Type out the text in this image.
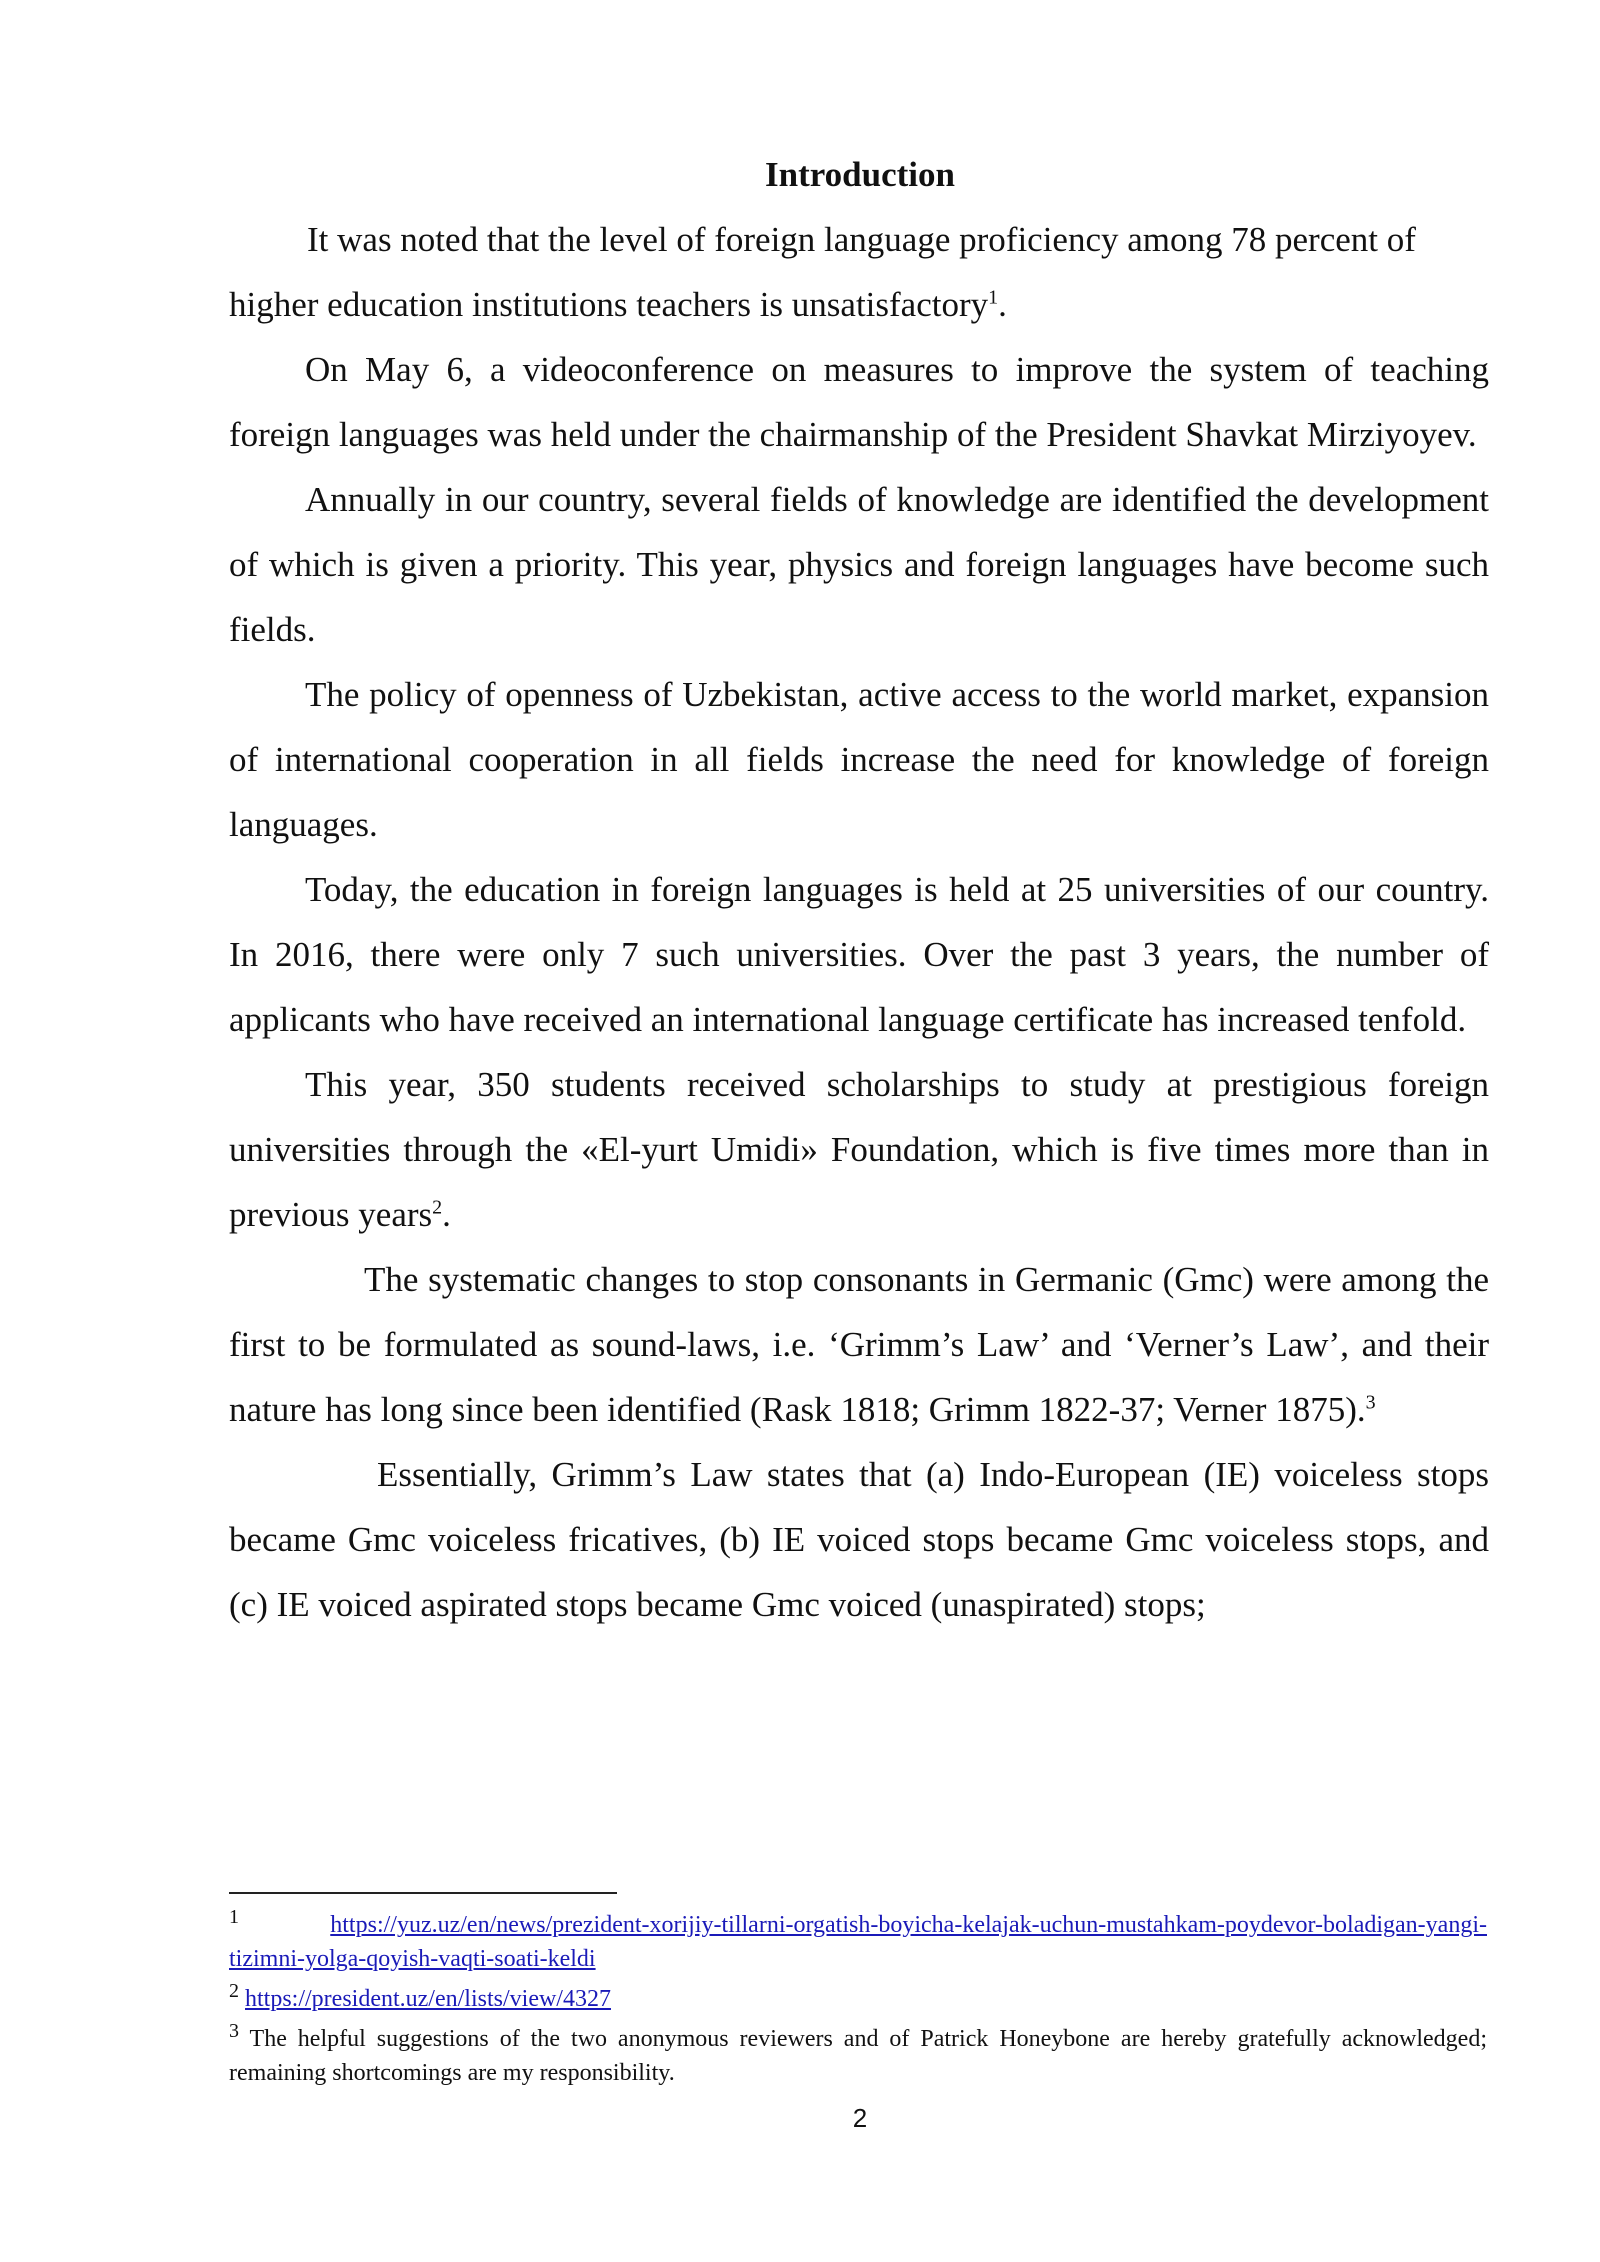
Introduction

It was noted that the level of foreign language proficiency among 78 percent of higher education institutions teachers is unsatisfactory$^1$.

On May 6, a videoconference on measures to improve the system of teaching foreign languages was held under the chairmanship of the President Shavkat Mirziyoyev.

Annually in our country, several fields of knowledge are identified the development of which is given a priority. This year, physics and foreign languages have become such fields.

The policy of openness of Uzbekistan, active access to the world market, expansion of international cooperation in all fields increase the need for knowledge of foreign languages.

Today, the education in foreign languages is held at 25 universities of our country. In 2016, there were only 7 such universities. Over the past 3 years, the number of applicants who have received an international language certificate has increased tenfold.

This year, 350 students received scholarships to study at prestigious foreign universities through the «El-yurt Umidi» Foundation, which is five times more than in previous years$^2$.

The systematic changes to stop consonants in Germanic (Gmc) were among the first to be formulated as sound-laws, i.e. ‘Grimm’s Law’ and ‘Verner’s Law’, and their nature has long since been identified (Rask 1818; Grimm 1822-37; Verner 1875).$^3$

Essentially, Grimm’s Law states that (a) Indo-European (IE) voiceless stops became Gmc voiceless fricatives, (b) IE voiced stops became Gmc voiceless stops, and (c) IE voiced aspirated stops became Gmc voiced (unaspirated) stops;

$^1$	https://yuz.uz/en/news/prezident-xorijiy-tillarni-orgatish-boyicha-kelajak-uchun-mustahkam-poydevor-boladigan-yangi-tizimni-yolga-qoyish-vaqti-soati-keldi

$^2$ https://president.uz/en/lists/view/4327

$^3$ The helpful suggestions of the two anonymous reviewers and of Patrick Honeybone are hereby gratefully acknowledged; remaining shortcomings are my responsibility.

2
